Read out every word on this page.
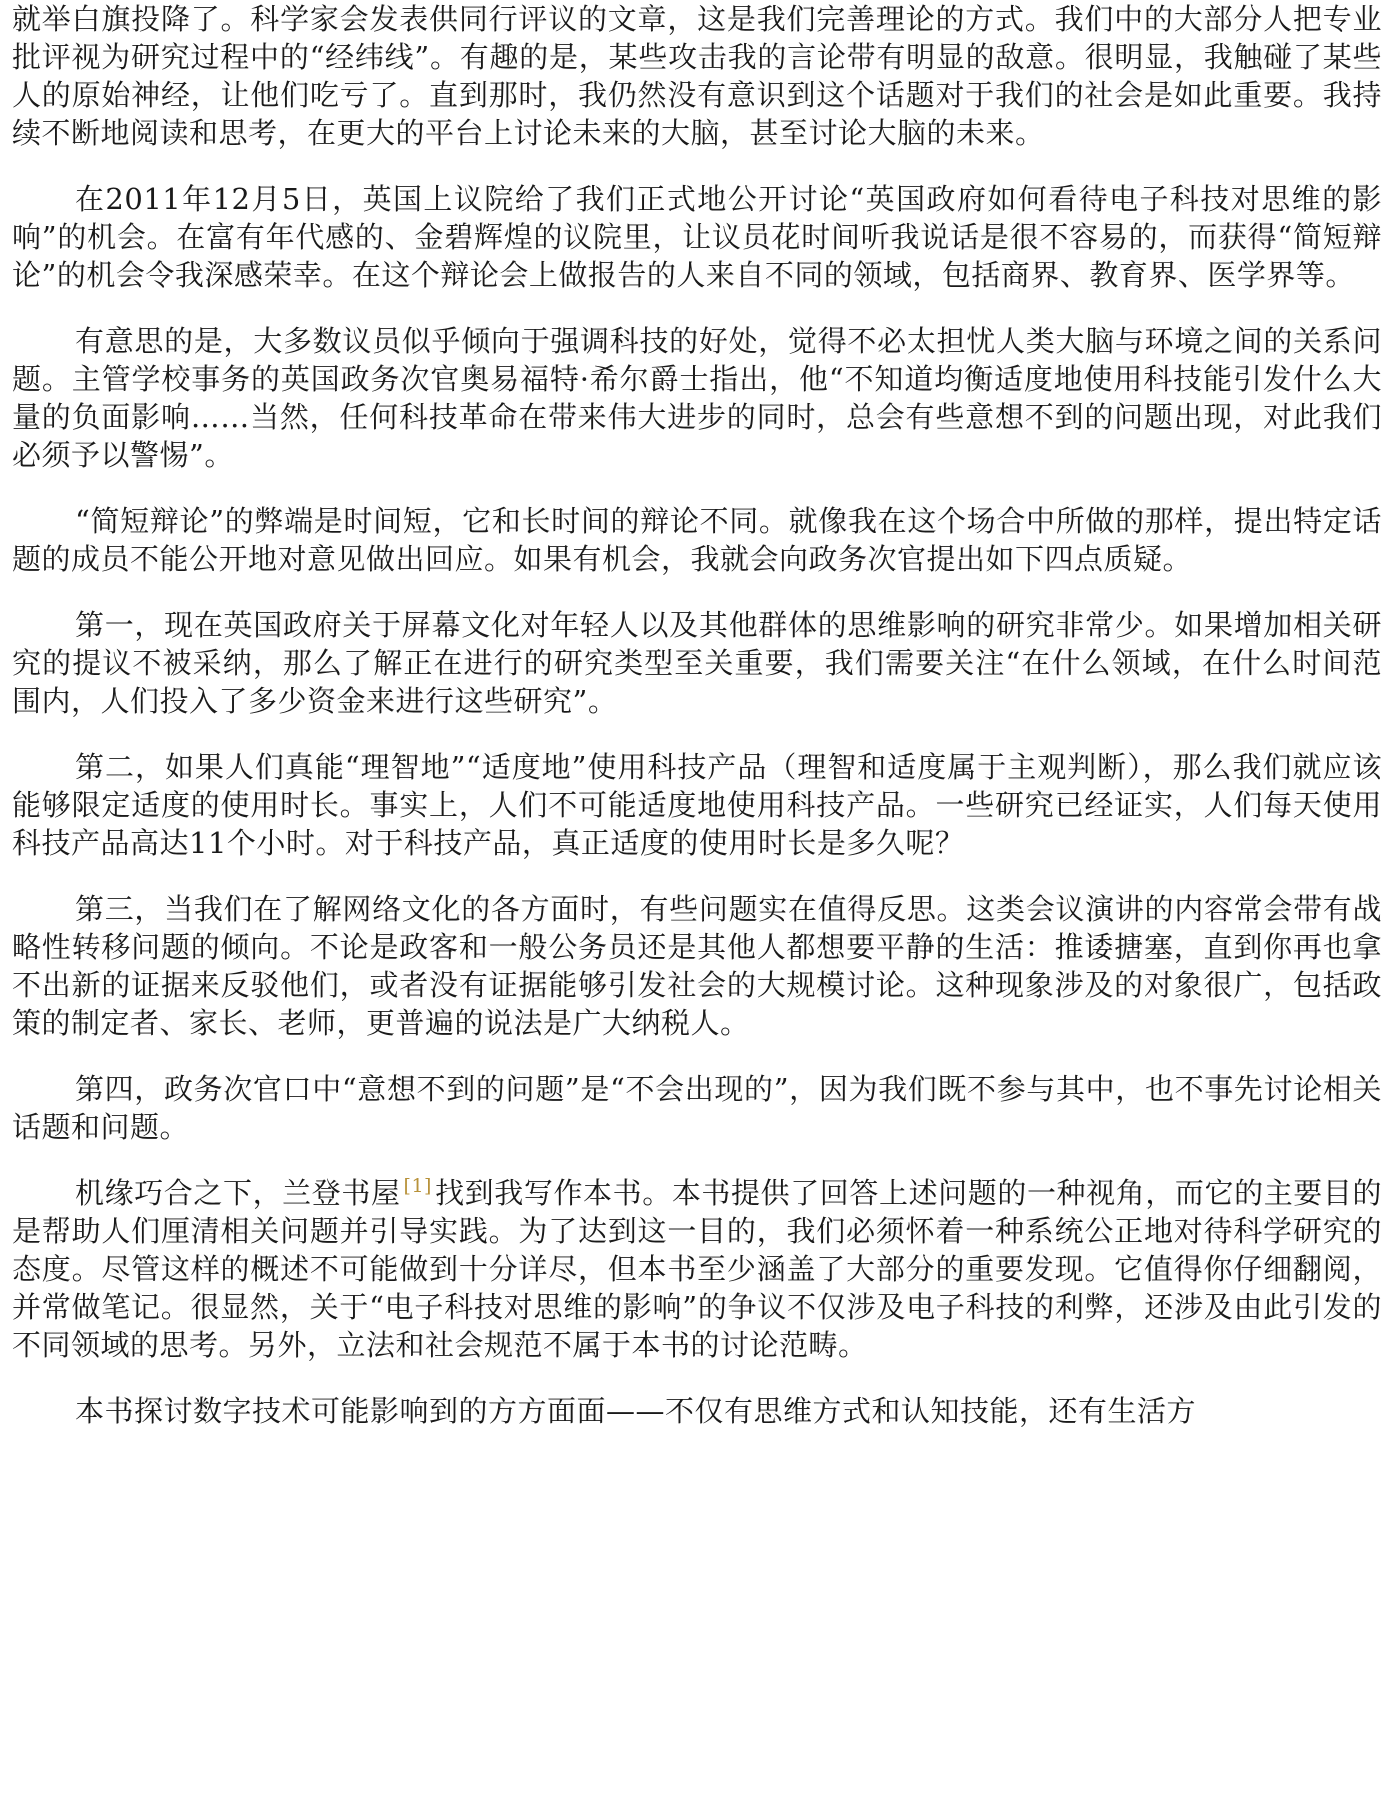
就举白旗投降了。科学家会发表供同行评议的文章，这是我们完善理论的方式。我们中的大部分人把专业批评视为研究过程中的“经纬线”。有趣的是，某些攻击我的言论带有明显的敌意。很明显，我触碰了某些人的原始神经，让他们吃亏了。直到那时，我仍然没有意识到这个话题对于我们的社会是如此重要。我持续不断地阅读和思考，在更大的平台上讨论未来的大脑，甚至讨论大脑的未来。

在2011年12月5日，英国上议院给了我们正式地公开讨论“英国政府如何看待电子科技对思维的影响”的机会。在富有年代感的、金碧辉煌的议院里，让议员花时间听我说话是很不容易的，而获得“简短辩论”的机会令我深感荣幸。在这个辩论会上做报告的人来自不同的领域，包括商界、教育界、医学界等。

有意思的是，大多数议员似乎倾向于强调科技的好处，觉得不必太担忧人类大脑与环境之间的关系问题。主管学校事务的英国政务次官奥易福特·希尔爵士指出，他“不知道均衡适度地使用科技能引发什么大量的负面影响……当然，任何科技革命在带来伟大进步的同时，总会有些意想不到的问题出现，对此我们必须予以警惕”。

“简短辩论”的弊端是时间短，它和长时间的辩论不同。就像我在这个场合中所做的那样，提出特定话题的成员不能公开地对意见做出回应。如果有机会，我就会向政务次官提出如下四点质疑。

第一，现在英国政府关于屏幕文化对年轻人以及其他群体的思维影响的研究非常少。如果增加相关研究的提议不被采纳，那么了解正在进行的研究类型至关重要，我们需要关注“在什么领域，在什么时间范围内，人们投入了多少资金来进行这些研究”。

第二，如果人们真能“理智地”“适度地”使用科技产品（理智和适度属于主观判断），那么我们就应该能够限定适度的使用时长。事实上，人们不可能适度地使用科技产品。一些研究已经证实，人们每天使用科技产品高达11个小时。对于科技产品，真正适度的使用时长是多久呢？

第三，当我们在了解网络文化的各方面时，有些问题实在值得反思。这类会议演讲的内容常会带有战略性转移问题的倾向。不论是政客和一般公务员还是其他人都想要平静的生活：推诿搪塞，直到你再也拿不出新的证据来反驳他们，或者没有证据能够引发社会的大规模讨论。这种现象涉及的对象很广，包括政策的制定者、家长、老师，更普遍的说法是广大纳税人。

第四，政务次官口中“意想不到的问题”是“不会出现的”，因为我们既不参与其中，也不事先讨论相关话题和问题。

机缘巧合之下，兰登书屋 [1] 找到我写作本书。本书提供了回答上述问题的一种视角，而它的主要目的是帮助人们厘清相关问题并引导实践。为了达到这一目的，我们必须怀着一种系统公正地对待科学研究的态度。尽管这样的概述不可能做到十分详尽，但本书至少涵盖了大部分的重要发现。它值得你仔细翻阅，并常做笔记。很显然，关于“电子科技对思维的影响”的争议不仅涉及电子科技的利弊，还涉及由此引发的不同领域的思考。另外，立法和社会规范不属于本书的讨论范畴。

本书探讨数字技术可能影响到的方方面面——不仅有思维方式和认知技能，还有生活方
